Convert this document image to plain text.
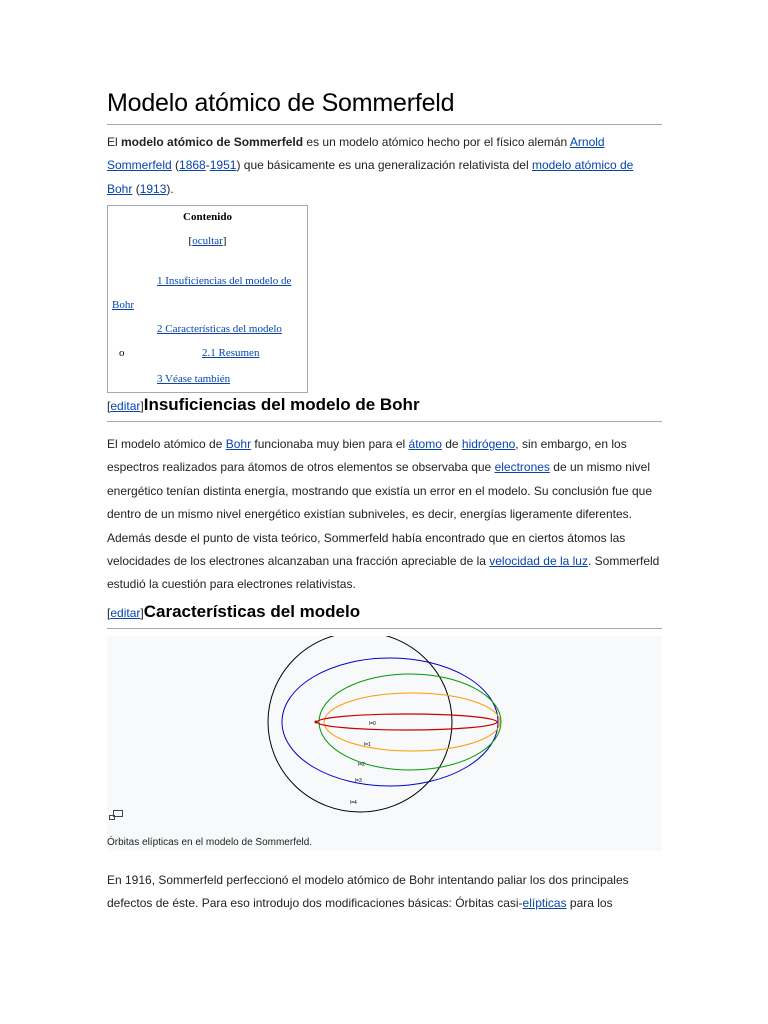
Modelo atómico de Sommerfeld

El modelo atómico de Sommerfeld es un modelo atómico hecho por el físico alemán Arnold
Sommerfeld (1868-1951) que básicamente es una generalización relativista del modelo atómico de
Bohr (1913).

Contenido
[ocultar]
1 Insuficiencias del modelo de
Bohr
2 Características del modelo
o	2.1 Resumen
3 Véase también
[editar]Insuficiencias del modelo de Bohr

El modelo atómico de Bohr funcionaba muy bien para el átomo de hidrógeno, sin embargo, en los espectros realizados para átomos de otros elementos se observaba que electrones de un mismo nivel energético tenían distinta energía, mostrando que existía un error en el modelo. Su conclusión fue que dentro de un mismo nivel energético existían subniveles, es decir, energías ligeramente diferentes. Además desde el punto de vista teórico, Sommerfeld había encontrado que en ciertos átomos las velocidades de los electrones alcanzaban una fracción apreciable de la velocidad de la luz. Sommerfeld estudió la cuestión para electrones relativistas.

[editar]Características del modelo
l=0
l=1
l=2
l=3
l=4
Órbitas elípticas en el modelo de Sommerfeld.

En 1916, Sommerfeld perfeccionó el modelo atómico de Bohr intentando paliar los dos principales defectos de éste. Para eso introdujo dos modificaciones básicas: Órbitas casi-elípticas para los
